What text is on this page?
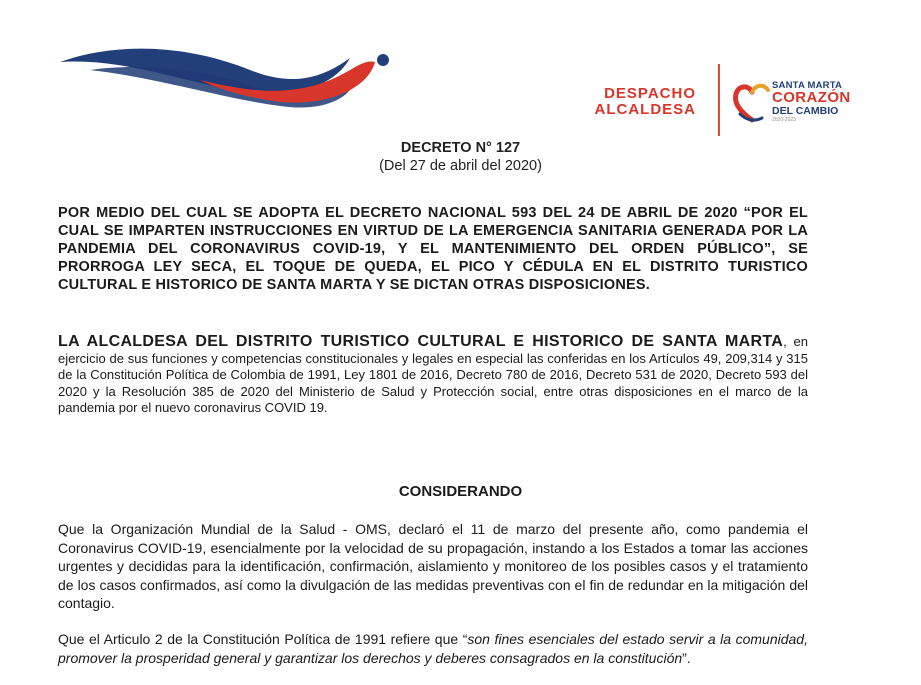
DESPACHO
ALCALDESA
SANTA MARTA
CORAZÓN
DEL CAMBIO
2020-2023
DECRETO N° 127
(Del 27 de abril del 2020)

POR MEDIO DEL CUAL SE ADOPTA EL DECRETO NACIONAL 593 DEL 24 DE ABRIL DE 2020 “POR EL CUAL SE IMPARTEN INSTRUCCIONES EN VIRTUD DE LA EMERGENCIA SANITARIA GENERADA POR LA PANDEMIA DEL CORONAVIRUS COVID-19, Y EL MANTENIMIENTO DEL ORDEN PÚBLICO”, SE PRORROGA LEY SECA, EL TOQUE DE QUEDA, EL PICO Y CÉDULA EN EL DISTRITO TURISTICO CULTURAL E HISTORICO DE SANTA MARTA Y SE DICTAN OTRAS DISPOSICIONES.

LA ALCALDESA DEL DISTRITO TURISTICO CULTURAL E HISTORICO DE SANTA MARTA, en ejercicio de sus funciones y competencias constitucionales y legales en especial las conferidas en los Artículos 49, 209,314 y 315 de la Constitución Política de Colombia de 1991, Ley 1801 de 2016, Decreto 780 de 2016, Decreto 531 de 2020, Decreto 593 del 2020 y la Resolución 385 de 2020 del Ministerio de Salud y Protección social, entre otras disposiciones en el marco de la pandemia por el nuevo coronavirus COVID 19.

CONSIDERANDO

Que la Organización Mundial de la Salud - OMS, declaró el 11 de marzo del presente año, como pandemia el Coronavirus COVID-19, esencialmente por la velocidad de su propagación, instando a los Estados a tomar las acciones urgentes y decididas para la identificación, confirmación, aislamiento y monitoreo de los posibles casos y el tratamiento de los casos confirmados, así como la divulgación de las medidas preventivas con el fin de redundar en la mitigación del contagio.

Que el Articulo 2 de la Constitución Política de 1991 refiere que “son fines esenciales del estado servir a la comunidad, promover la prosperidad general y garantizar los derechos y deberes consagrados en la constitución”.
